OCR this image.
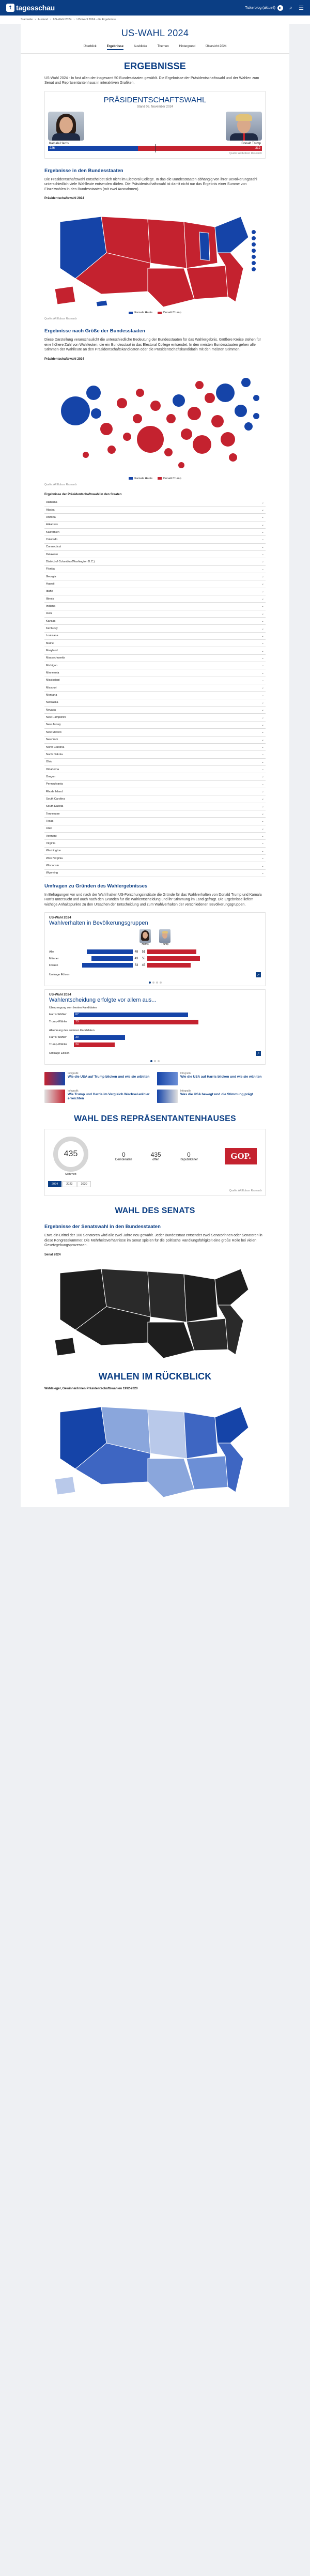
t tagesschau	Tickerblog (aktuell)	▶ ⌕ ☰
Startseite › Ausland › US-Wahl 2024 › US-Wahl 2024 - die Ergebnisse
US-WAHL 2024
Überblick	Ergebnisse	Ausblicke	Themen	Hintergrund	Übersicht 2024
ERGEBNISSE

US-Wahl 2024 - In fast allen der insgesamt 50 Bundesstaaten gewählt. Die Ergebnisse der Präsidentschaftswahl und der Wahlen zum Senat und Repräsentantenhaus in interaktiven Grafiken.

PRÄSIDENTSCHAFTSWAHL
Stand 06. November 2024
Kamala Harris	Donald Trump
226	312
Quelle: AP/Edison Research
Ergebnisse in den Bundesstaaten

Die Präsidentschaftswahl entscheidet sich nicht im Electoral College. In das die Bundesstaaten abhängig von ihrer Bevölkerungszahl unterschiedlich viele Wahlleute entsenden dürfen. Die Präsidentschaftswahl ist damit nicht nur das Ergebnis einer Summe von Einzelwahlen in den Bundesstaaten (mit zwei Ausnahmen).

Präsidentschaftswahl 2024
Kamala Harris	Donald Trump
Quelle: AP/Edison Research
Ergebnisse nach Größe der Bundesstaaten

Diese Darstellung veranschaulicht die unterschiedliche Bedeutung der Bundesstaaten für das Wahlergebnis. Größere Kreise stehen für eine höhere Zahl von Wahlleuten, die ein Bundesstaat in das Electoral College entsendet. In den meisten Bundesstaaten gehen alle Stimmen der Wahlleute an den Präsidentschaftskandidaten oder die Präsidentschaftskandidatin mit den meisten Stimmen.

Präsidentschaftswahl 2024
Kamala Harris	Donald Trump
Quelle: AP/Edison Research
Ergebnisse der Präsidentschaftswahl in den Staaten
Alabama	⌄
Alaska	⌄
Arizona	⌄
Arkansas	⌄
Kalifornien	⌄
Colorado	⌄
Connecticut	⌄
Delaware	⌄
District of Columbia (Washington D.C.)	⌄
Florida	⌄
Georgia	⌄
Hawaii	⌄
Idaho	⌄
Illinois	⌄
Indiana	⌄
Iowa	⌄
Kansas	⌄
Kentucky	⌄
Louisiana	⌄
Maine	⌄
Maryland	⌄
Massachusetts	⌄
Michigan	⌄
Minnesota	⌄
Mississippi	⌄
Missouri	⌄
Montana	⌄
Nebraska	⌄
Nevada	⌄
New Hampshire	⌄
New Jersey	⌄
New Mexico	⌄
New York	⌄
North Carolina	⌄
North Dakota	⌄
Ohio	⌄
Oklahoma	⌄
Oregon	⌄
Pennsylvania	⌄
Rhode Island	⌄
South Carolina	⌄
South Dakota	⌄
Tennessee	⌄
Texas	⌄
Utah	⌄
Vermont	⌄
Virginia	⌄
Washington	⌄
West Virginia	⌄
Wisconsin	⌄
Wyoming	⌄
Umfragen zu Gründen des Wahlergebnisses

In Befragungen vor und nach der Wahl halten US-Forschungsinstitute die Gründe für das Wahlverhalten von Donald Trump und Kamala Harris untersucht und auch nach den Gründen für die Wahlentscheidung und ihr Stimmung im Land gefragt. Die Ergebnisse liefern wichtige Anhaltspunkte zu den Ursachen der Entscheidung und zum Wahlverhalten der verschiedenen Bevölkerungsgruppen.

US-Wahl 2024
Wahlverhalten in Bevölkerungsgruppen
Harris	Trump
Alle	48	51
Männer	43	55
Frauen	53	45
Umfrage Edison	↗
US-Wahl 2024
Wahlentscheidung erfolgte vor allem aus...
Überzeugung vom besten Kandidaten
Harris-Wähler	67
Trump-Wähler	73
Ablehnung des anderen Kandidaten
Harris-Wähler	30
Trump-Wähler	24
Umfrage Edison	↗
Infografik
Wie die USA auf Trump blicken und wie sie wählten
Infografik
Wie die USA auf Harris blicken und wie sie wählten
Infografik
Wie Trump und Harris im Vergleich Wechsel-wähler erreichten
Infografik
Was die USA bewegt und die Stimmung prägt
WAHL DES REPRÄSENTANTENHAUSES
435
Mehrheit
0
Demokraten
435
offen
0
Republikaner	GOP.
2024	2022	2020
Quelle: AP/Edison Research
WAHL DES SENATS
Ergebnisse der Senatswahl in den Bundesstaaten

Etwa ein Drittel der 100 Senatoren wird alle zwei Jahre neu gewählt. Jeder Bundesstaat entsendet zwei Senatorinnen oder Senatoren in diese Kongresskammer. Die Mehrheitsverhältnisse im Senat spielen für die politische Handlungsfähigkeit eine große Rolle bei vielen Gesetzgebungsprozessen.

Senat 2024
WAHLEN IM RÜCKBLICK
Wahlsieger, Gewinner/innen Präsidentschaftswahlen 1992-2020
